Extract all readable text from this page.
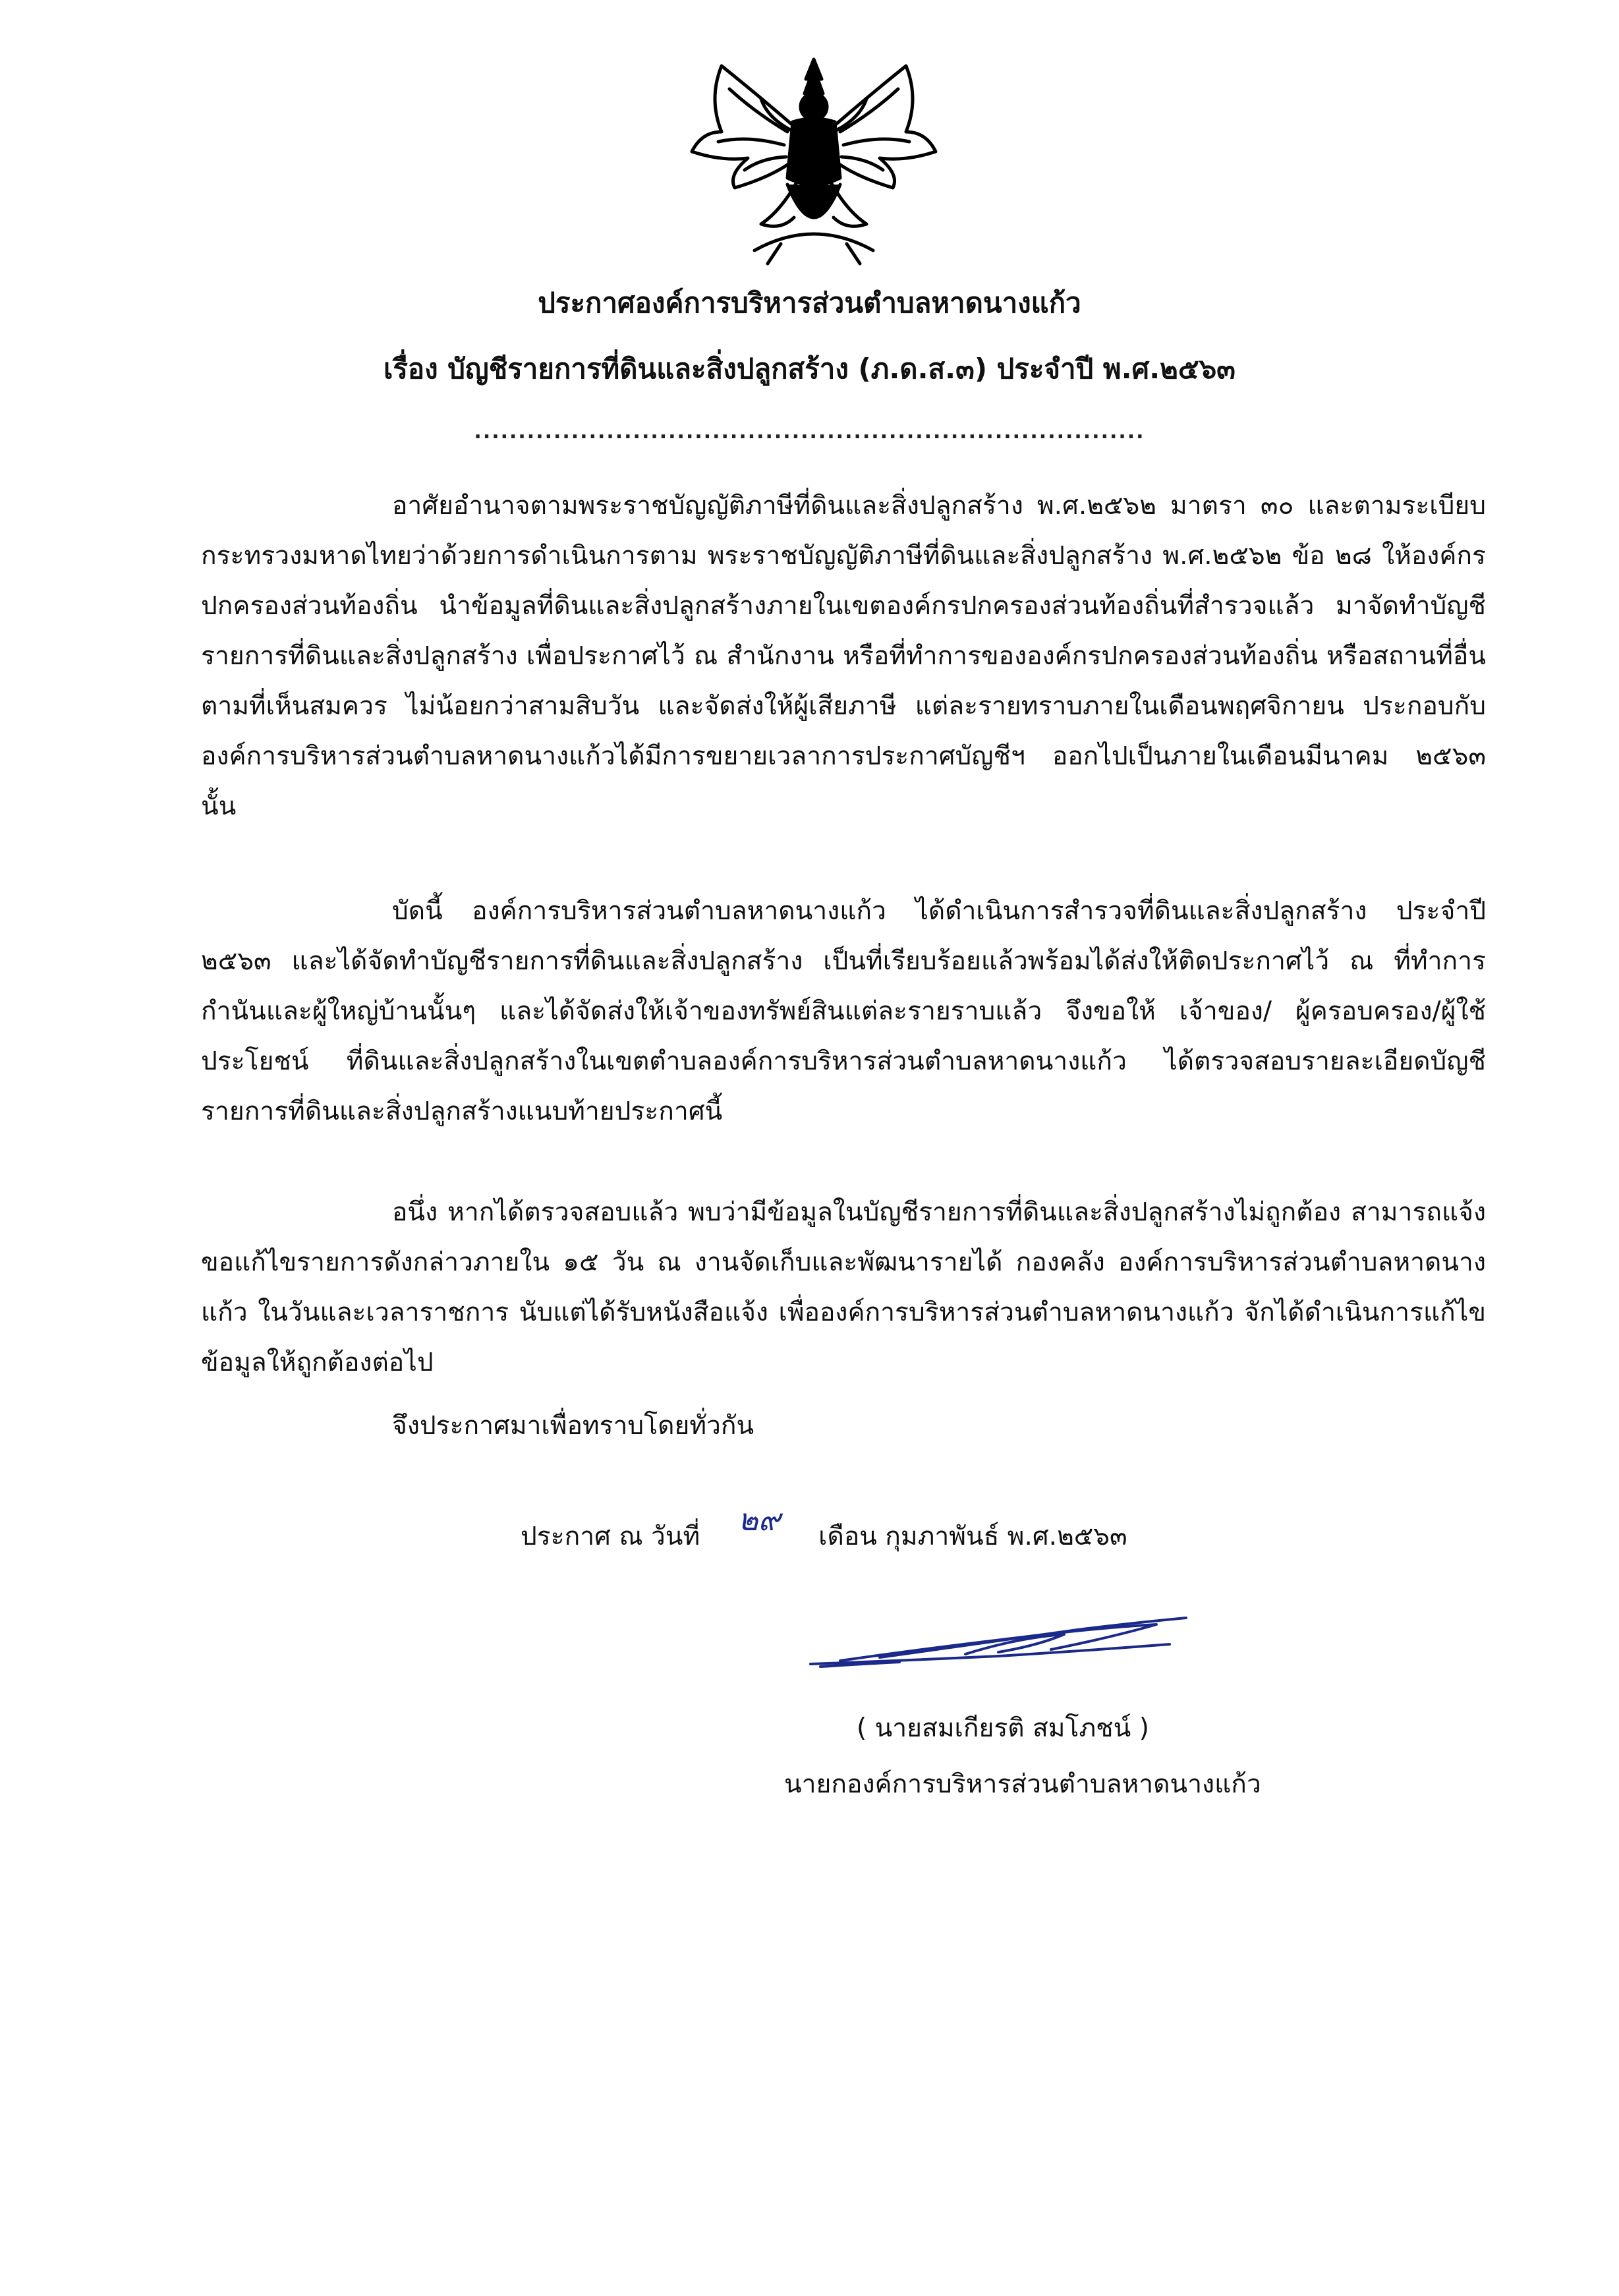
ประกาศองค์การบริหารส่วนตำบลหาดนางแก้ว
เรื่อง บัญชีรายการที่ดินและสิ่งปลูกสร้าง (ภ.ด.ส.๓) ประจำปี พ.ศ.๒๕๖๓
............................................................................
อาศัยอำนาจตามพระราชบัญญัติภาษีที่ดินและสิ่งปลูกสร้าง พ.ศ.๒๕๖๒ มาตรา ๓๐ และตามระเบียบกระทรวงมหาดไทยว่าด้วยการดำเนินการตาม พระราชบัญญัติภาษีที่ดินและสิ่งปลูกสร้าง พ.ศ.๒๕๖๒ ข้อ ๒๘ ให้องค์กรปกครองส่วนท้องถิ่น นำข้อมูลที่ดินและสิ่งปลูกสร้างภายในเขตองค์กรปกครองส่วนท้องถิ่นที่สำรวจแล้ว มาจัดทำบัญชีรายการที่ดินและสิ่งปลูกสร้าง เพื่อประกาศไว้ ณ สำนักงาน หรือที่ทำการขององค์กรปกครองส่วนท้องถิ่น หรือสถานที่อื่นตามที่เห็นสมควร ไม่น้อยกว่าสามสิบวัน และจัดส่งให้ผู้เสียภาษี แต่ละรายทราบภายในเดือนพฤศจิกายน ประกอบกับองค์การบริหารส่วนตำบลหาดนางแก้วได้มีการขยายเวลาการประกาศบัญชีฯ ออกไปเป็นภายในเดือนมีนาคม ๒๕๖๓ นั้น
บัดนี้ องค์การบริหารส่วนตำบลหาดนางแก้ว ได้ดำเนินการสำรวจที่ดินและสิ่งปลูกสร้าง ประจำปี ๒๕๖๓ และได้จัดทำบัญชีรายการที่ดินและสิ่งปลูกสร้าง เป็นที่เรียบร้อยแล้วพร้อมได้ส่งให้ติดประกาศไว้ ณ ที่ทำการกำนันและผู้ใหญ่บ้านนั้นๆ และได้จัดส่งให้เจ้าของทรัพย์สินแต่ละรายราบแล้ว จึงขอให้ เจ้าของ/ ผู้ครอบครอง/ผู้ใช้ประโยชน์ ที่ดินและสิ่งปลูกสร้างในเขตตำบลองค์การบริหารส่วนตำบลหาดนางแก้ว ได้ตรวจสอบรายละเอียดบัญชีรายการที่ดินและสิ่งปลูกสร้างแนบท้ายประกาศนี้
อนึ่ง หากได้ตรวจสอบแล้ว พบว่ามีข้อมูลในบัญชีรายการที่ดินและสิ่งปลูกสร้างไม่ถูกต้อง สามารถแจ้งขอแก้ไขรายการดังกล่าวภายใน ๑๕ วัน ณ งานจัดเก็บและพัฒนารายได้ กองคลัง องค์การบริหารส่วนตำบลหาดนางแก้ว ในวันและเวลาราชการ นับแต่ได้รับหนังสือแจ้ง เพื่อองค์การบริหารส่วนตำบลหาดนางแก้ว จักได้ดำเนินการแก้ไขข้อมูลให้ถูกต้องต่อไป
จึงประกาศมาเพื่อทราบโดยทั่วกัน
ประกาศ ณ วันที่ ๒๙ เดือน กุมภาพันธ์ พ.ศ.๒๕๖๓
( นายสมเกียรติ สมโภชน์ )
นายกองค์การบริหารส่วนตำบลหาดนางแก้ว
